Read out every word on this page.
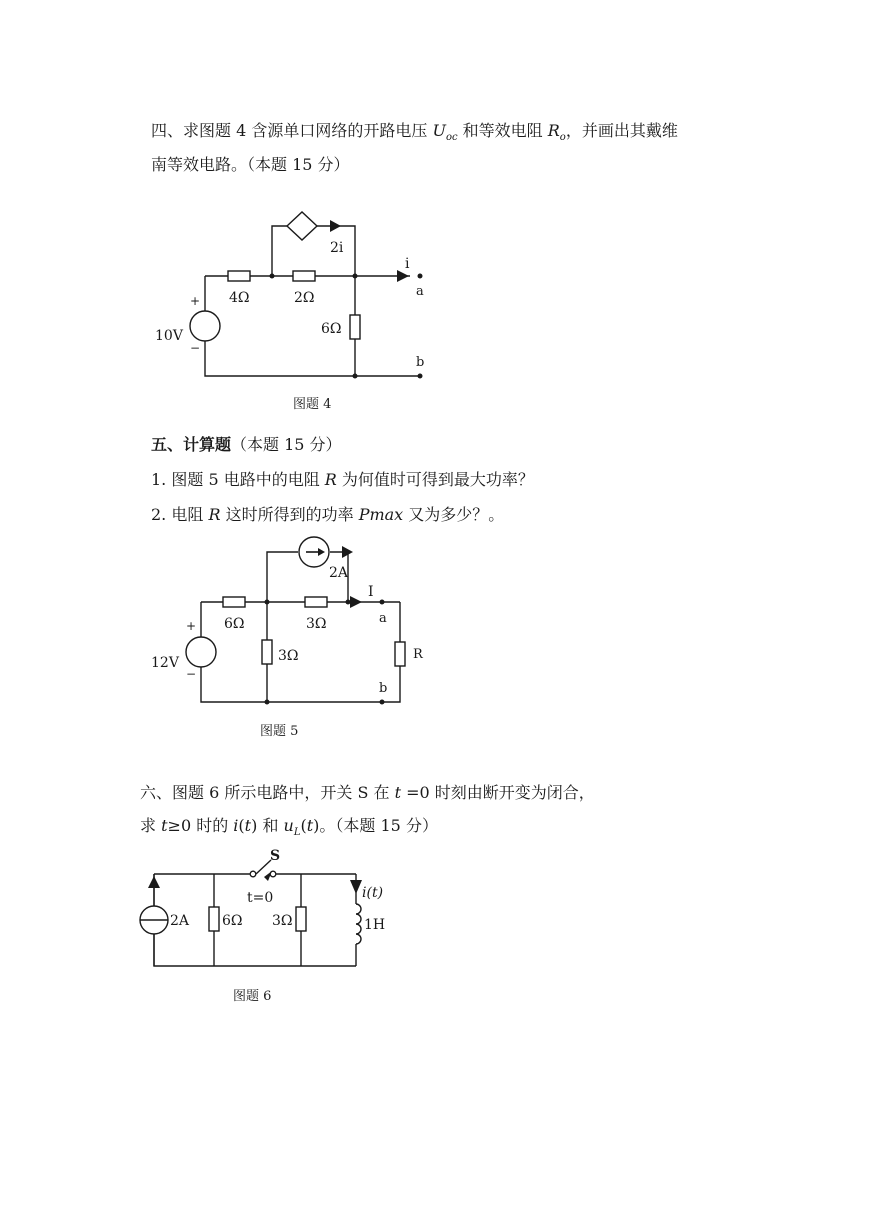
四、求图题 4 含源单口网络的开路电压 $U_{oc}$ 和等效电阻 $R_o$，并画出其戴维
南等效电路。（本题 15 分）
+
−
10V
4Ω	2Ω
6Ω
2i
i
a
b
图题 4
五、计算题（本题 15 分）
1. 图题 5 电路中的电阻 R 为何值时可得到最大功率？
2. 电阻 R 这时所得到的功率 Pmax 又为多少？。
+
−
12V
6Ω	3Ω
3Ω	R
2A
I
a
b
图题 5
六、图题 6 所示电路中，开关 S 在 t =0 时刻由断开变为闭合，
求 t≥0 时的 i(t) 和 $u_L(t)$。（本题 15 分）
S
t=0
2A 6Ω 3Ω
i(t)
1H
图题 6
